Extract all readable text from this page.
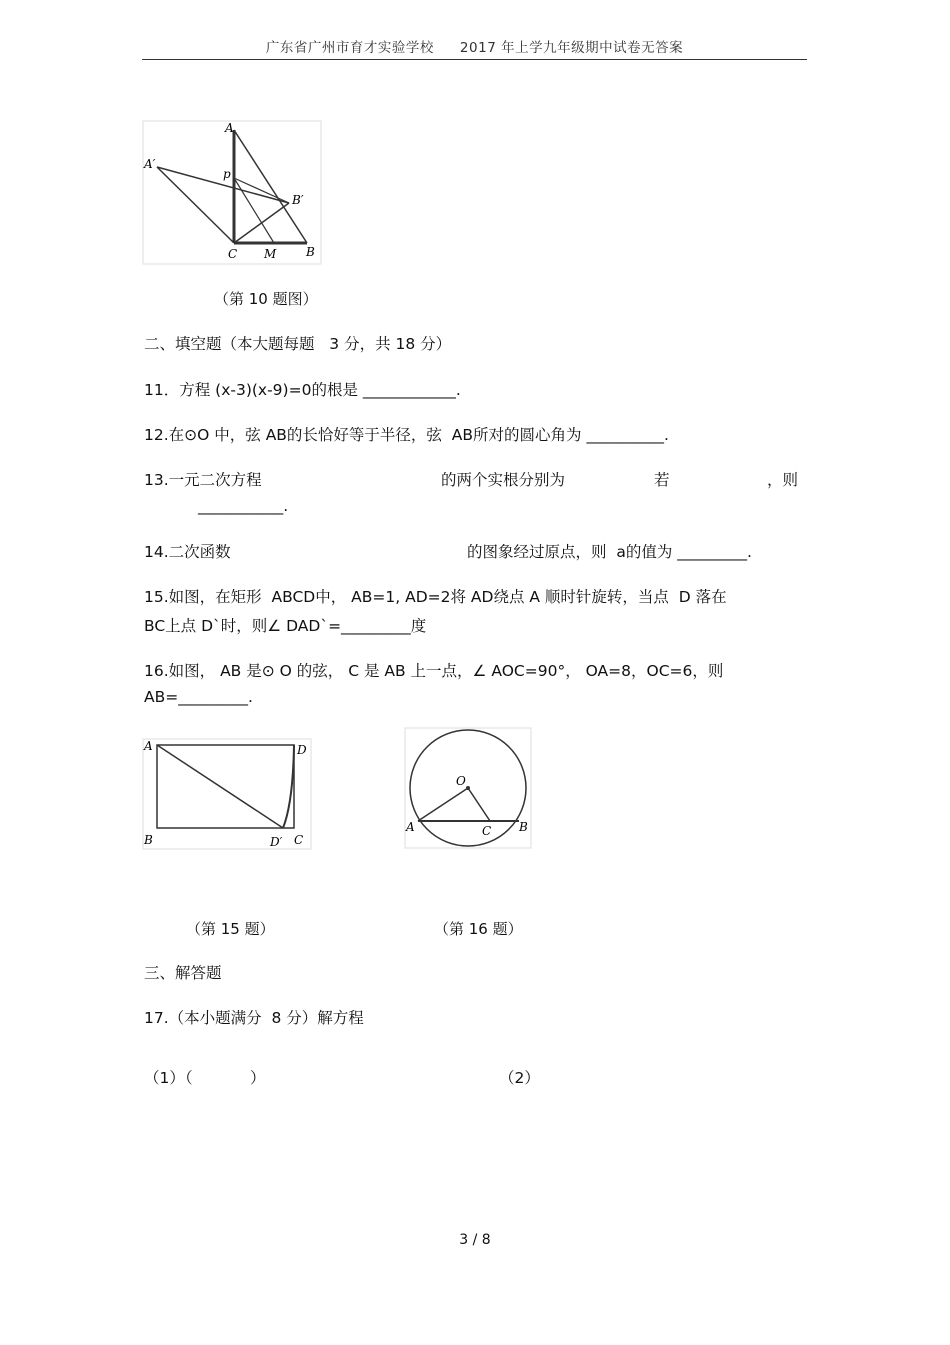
广东省广州市育才实验学校 2017 年上学九年级期中试卷无答案
A
A′
p
B′
C M B
（第 10 题图）
二、填空题（本大题每题   3 分，共 18 分）
11．方程 (x-3)(x-9)=0的根是 ____________.
12.在⊙O 中，弦 AB的长恰好等于半径，弦  AB所对的圆心角为 __________.
13.一元二次方程	的两个实根分别为	若	，则
___________.
14.二次函数	的图象经过原点，则  a的值为 _________.
15.如图，在矩形  ABCD中， AB=1, AD=2将 AD绕点 A 顺时针旋转，当点  D 落在
BC上点 D`时，则∠ DAD`=_________度
16.如图， AB 是⊙ O 的弦， C 是 AB 上一点，∠ AOC=90°， OA=8，OC=6，则
AB=_________.
A	D
B	D′ C
O
A	C B
（第 15 题）	（第 16 题）
三、解答题
17.（本小题满分  8 分）解方程
（1）（	）	（2）
3 / 8
